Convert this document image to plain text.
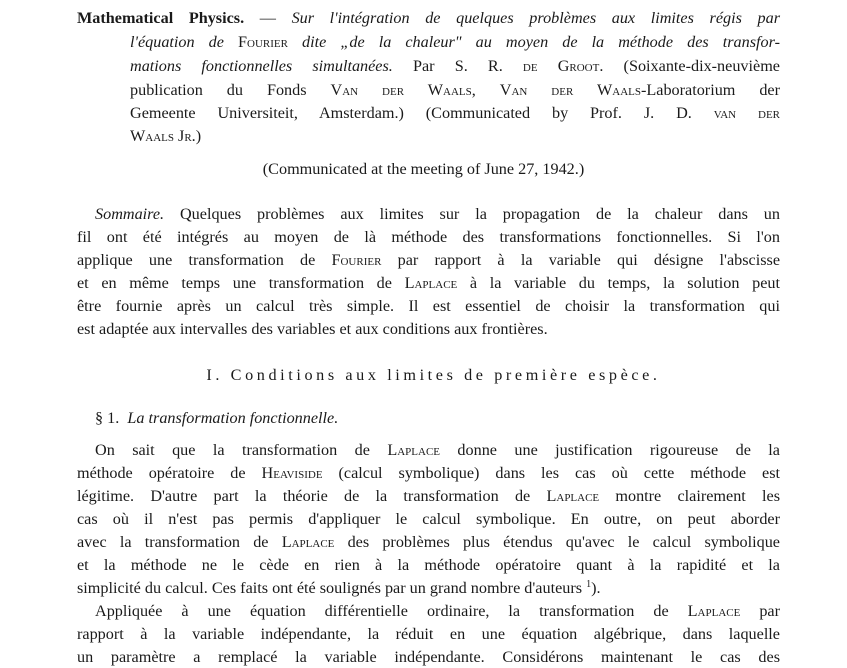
Mathematical Physics. — Sur l'intégration de quelques problèmes aux limites régis par
l'équation de Fourier dite „de la chaleur" au moyen de la méthode des transfor-
mations fonctionnelles simultanées. Par S. R. de Groot. (Soixante-dix-neuvième
publication du Fonds Van der Waals, Van der Waals-Laboratorium der
Gemeente Universiteit, Amsterdam.) (Communicated by Prof. J. D. van der
Waals Jr.)
(Communicated at the meeting of June 27, 1942.)
Sommaire. Quelques problèmes aux limites sur la propagation de la chaleur dans un
fil ont été intégrés au moyen de là méthode des transformations fonctionnelles. Si l'on
applique une transformation de Fourier par rapport à la variable qui désigne l'abscisse
et en même temps une transformation de Laplace à la variable du temps, la solution peut
être fournie après un calcul très simple. Il est essentiel de choisir la transformation qui
est adaptée aux intervalles des variables et aux conditions aux frontières.
I. Conditions aux limites de première espèce.
§ 1. La transformation fonctionnelle.
On sait que la transformation de Laplace donne une justification rigoureuse de la
méthode opératoire de Heaviside (calcul symbolique) dans les cas où cette méthode est
légitime. D'autre part la théorie de la transformation de Laplace montre clairement les
cas où il n'est pas permis d'appliquer le calcul symbolique. En outre, on peut aborder
avec la transformation de Laplace des problèmes plus étendus qu'avec le calcul symbolique
et la méthode ne le cède en rien à la méthode opératoire quant à la rapidité et la
simplicité du calcul. Ces faits ont été soulignés par un grand nombre d'auteurs $^1$).
Appliquée à une équation différentielle ordinaire, la transformation de Laplace par
rapport à la variable indépendante, la réduit en une équation algébrique, dans laquelle
un paramètre a remplacé la variable indépendante. Considérons maintenant le cas des
